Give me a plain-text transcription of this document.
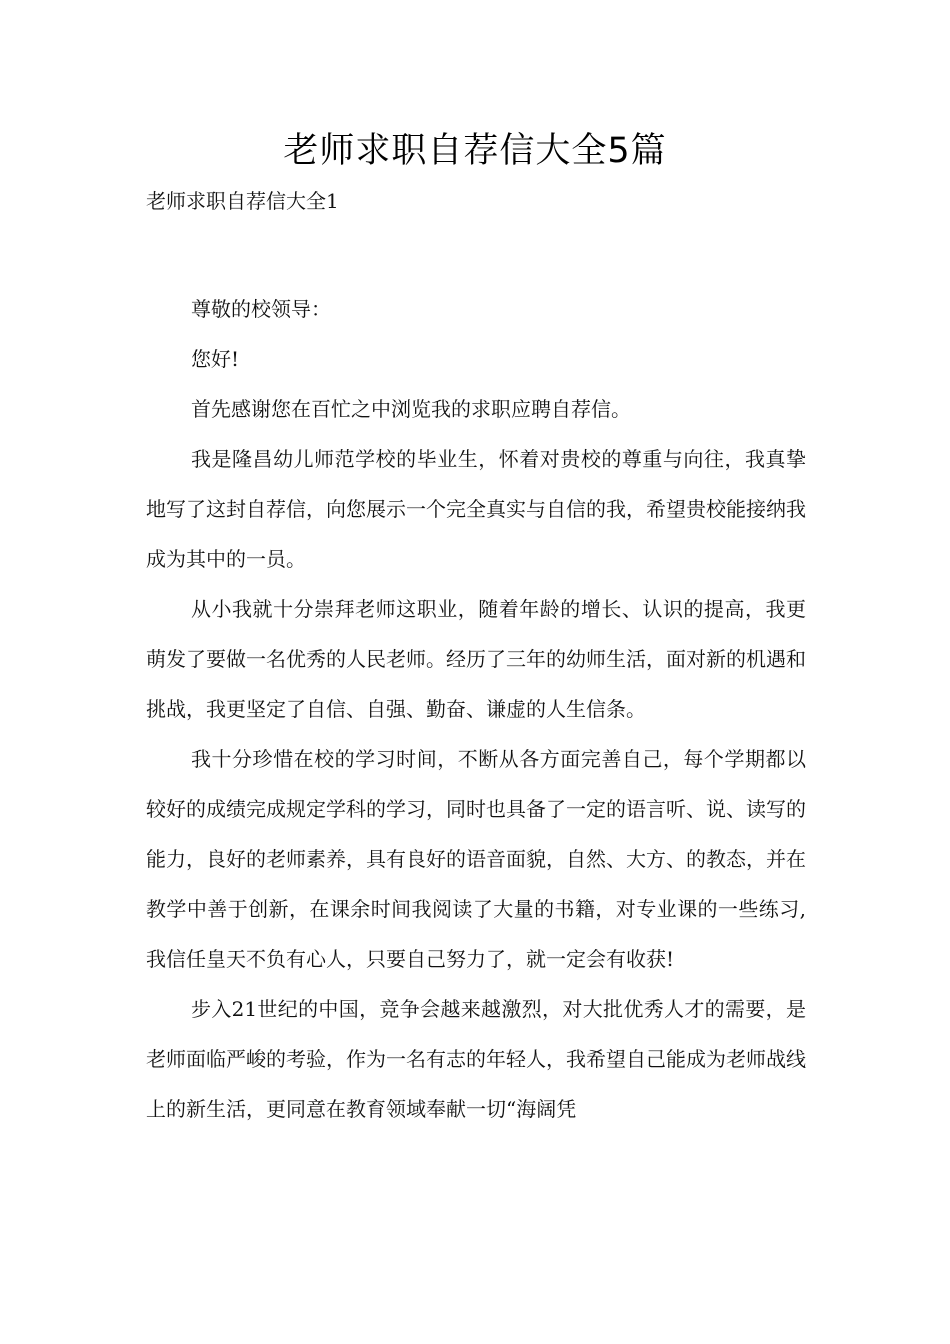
老师求职自荐信大全5篇
老师求职自荐信大全1

尊敬的校领导：

您好!

首先感谢您在百忙之中浏览我的求职应聘自荐信。

我是隆昌幼儿师范学校的毕业生，怀着对贵校的尊重与向往，我真挚地写了这封自荐信，向您展示一个完全真实与自信的我，希望贵校能接纳我成为其中的一员。

从小我就十分崇拜老师这职业，随着年龄的增长、认识的提高，我更萌发了要做一名优秀的人民老师。经历了三年的幼师生活，面对新的机遇和挑战，我更坚定了自信、自强、勤奋、谦虚的人生信条。

我十分珍惜在校的学习时间，不断从各方面完善自己，每个学期都以较好的成绩完成规定学科的学习，同时也具备了一定的语言听、说、读写的能力，良好的老师素养，具有良好的语音面貌，自然、大方、的教态，并在教学中善于创新，在课余时间我阅读了大量的书籍，对专业课的一些练习,我信任皇天不负有心人，只要自己努力了，就一定会有收获!

步入21世纪的中国，竞争会越来越激烈，对大批优秀人才的需要，是老师面临严峻的考验，作为一名有志的年轻人，我希望自己能成为老师战线上的新生活，更同意在教育领域奉献一切“海阔凭
